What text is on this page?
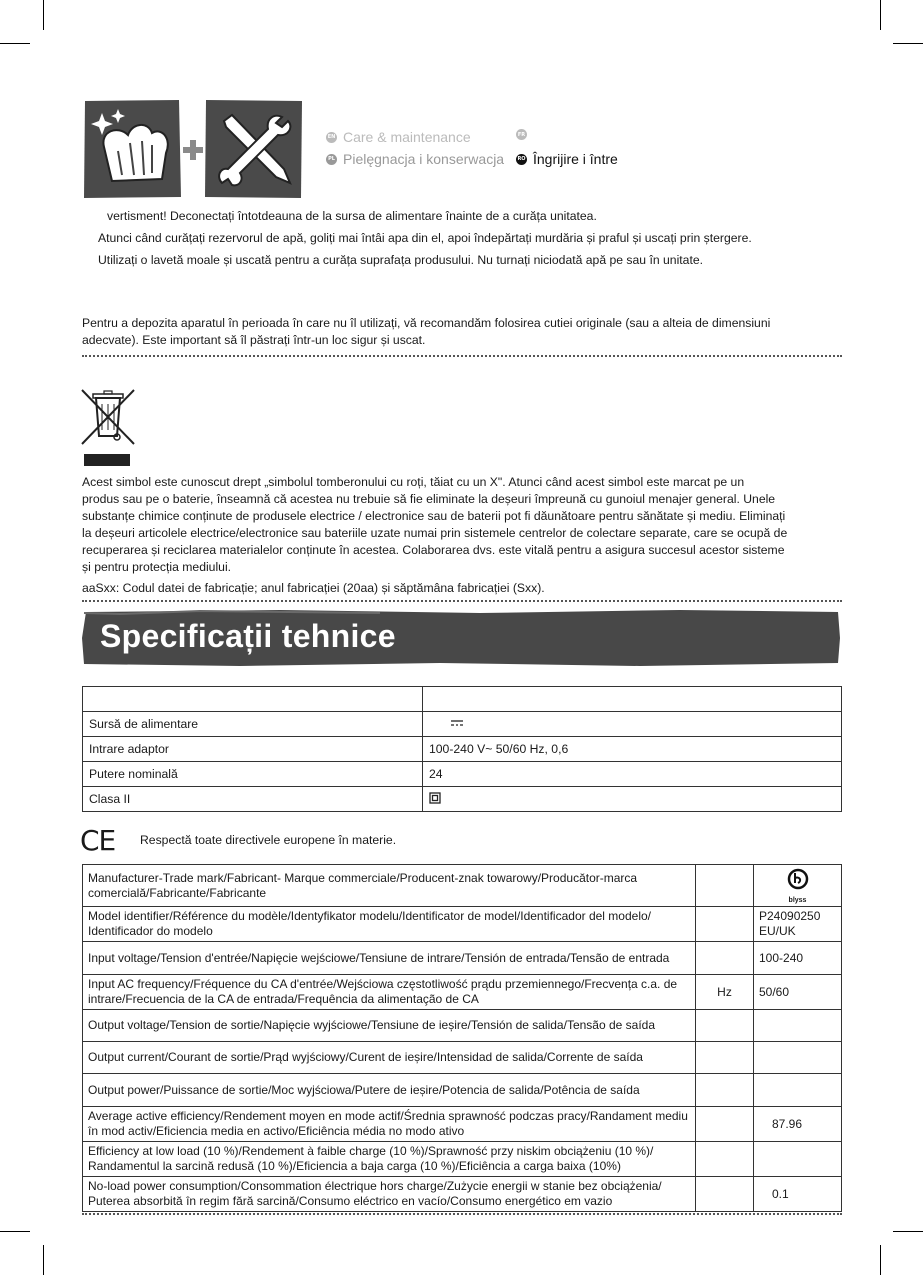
EN Care & maintenance	FR
PL Pielęgnacja i konserwacja	RO Îngrijire i între
vertisment! Deconectați întotdeauna de la sursa de alimentare înainte de a curăța unitatea.
Atunci când curățați rezervorul de apă, goliți mai întâi apa din el, apoi îndepărtați murdăria și praful și uscați prin ștergere.
Utilizați o lavetă moale și uscată pentru a curăța suprafața produsului. Nu turnați niciodată apă pe sau în unitate.
Pentru a depozita aparatul în perioada în care nu îl utilizați, vă recomandăm folosirea cutiei originale (sau a alteia de dimensiuni
adecvate). Este important să îl păstrați într-un loc sigur și uscat.
Acest simbol este cunoscut drept „simbolul tomberonului cu roți, tăiat cu un X". Atunci când acest simbol este marcat pe un
produs sau pe o baterie, înseamnă că acestea nu trebuie să fie eliminate la deșeuri împreună cu gunoiul menajer general. Unele
substanțe chimice conținute de produsele electrice / electronice sau de baterii pot fi dăunătoare pentru sănătate și mediu. Eliminați
la deșeuri articolele electrice/electronice sau bateriile uzate numai prin sistemele centrelor de colectare separate, care se ocupă de
recuperarea și reciclarea materialelor conținute în acestea. Colaborarea dvs. este vitală pentru a asigura succesul acestor sisteme
și pentru protecția mediului.
aaSxx: Codul datei de fabricație; anul fabricației (20aa) și săptămâna fabricației (Sxx).
Specificații tehnice

Sursă de alimentare	
Intrare adaptor	100-240 V~ 50/60 Hz, 0,6
Putere nominală	24
Clasa II	
CE Respectă toate directivele europene în materie.
Manufacturer-Trade mark/Fabricant- Marque commerciale/Producent-znak towarowy/Producător-marca comercială/Fabricante/Fabricante		blyss

Model identifier/Référence du modèle/Identyfikator modelu/Identificator de model/Identificador del modelo/ Identificador do modelo		P24090250 EU/UK
Input voltage/Tension d'entrée/Napięcie wejściowe/Tensiune de intrare/Tensión de entrada/Tensão de entrada		100-240
Input AC frequency/Fréquence du CA d'entrée/Wejściowa częstotliwość prądu przemiennego/Frecvența c.a. de intrare/Frecuencia de la CA de entrada/Frequência da alimentação de CA	Hz	50/60
Output voltage/Tension de sortie/Napięcie wyjściowe/Tensiune de ieșire/Tensión de salida/Tensão de saída		
Output current/Courant de sortie/Prąd wyjściowy/Curent de ieșire/Intensidad de salida/Corrente de saída		
Output power/Puissance de sortie/Moc wyjściowa/Putere de ieșire/Potencia de salida/Potência de saída		
Average active efficiency/Rendement moyen en mode actif/Średnia sprawność podczas pracy/Randament mediu în mod activ/Eficiencia media en activo/Eficiência média no modo ativo		87.96
Efficiency at low load (10 %)/Rendement à faible charge (10 %)/Sprawność przy niskim obciążeniu (10 %)/ Randamentul la sarcină redusă (10 %)/Eficiencia a baja carga (10 %)/Eficiência a carga baixa (10%)		
No-load power consumption/Consommation électrique hors charge/Zużycie energii w stanie bez obciążenia/ Puterea absorbită în regim fără sarcină/Consumo eléctrico en vacío/Consumo energético em vazio		0.1
